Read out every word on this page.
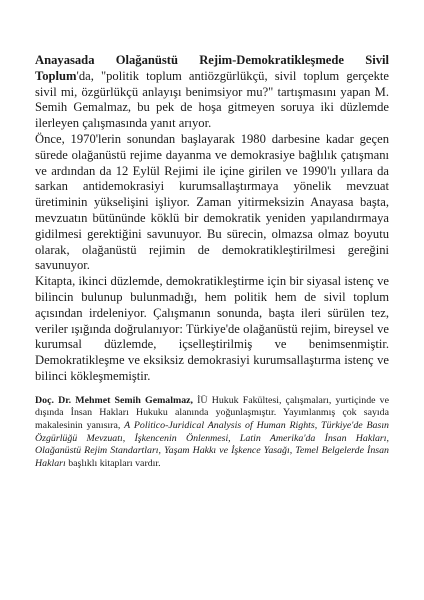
Anayasada Olağanüstü Rejim-Demokratikleşmede Sivil Toplum'da, "politik toplum antiözgürlükçü, sivil toplum gerçekte sivil mi, özgürlükçü anlayışı benimsiyor mu?" tartışmasını yapan M. Semih Gemalmaz, bu pek de hoşa gitmeyen soruya iki düzlemde ilerleyen çalışmasında yanıt arıyor.

Önce, 1970'lerin sonundan başlayarak 1980 darbesine kadar geçen sürede olağanüstü rejime dayanma ve demokrasiye bağlılık çatışmanı ve ardından da 12 Eylül Rejimi ile içine girilen ve 1990'lı yıllara da sarkan antidemokrasiyi kurumsallaştırmaya yönelik mevzuat üretiminin yükselişini işliyor. Zaman yitirmeksizin Anayasa başta, mevzuatın bütününde köklü bir demokratik yeniden yapılandırmaya gidilmesi gerektiğini savunuyor. Bu sürecin, olmazsa olmaz boyutu olarak, olağanüstü rejimin de demokratikleştirilmesi gereğini savunuyor.

Kitapta, ikinci düzlemde, demokratikleştirme için bir siyasal istenç ve bilincin bulunup bulunmadığı, hem politik hem de sivil toplum açısından irdeleniyor. Çalışmanın sonunda, başta ileri sürülen tez, veriler ışığında doğrulanıyor: Türkiye'de olağanüstü rejim, bireysel ve kurumsal düzlemde, içselleştirilmiş ve benimsenmiştir. Demokratikleşme ve eksiksiz demokrasiyi kurumsallaştırma istenç ve bilinci kökleşmemiştir.

Doç. Dr. Mehmet Semih Gemalmaz, İÜ Hukuk Fakültesi, çalışmaları, yurtiçinde ve dışında İnsan Hakları Hukuku alanında yoğunlaşmıştır. Yayımlanmış çok sayıda makalesinin yanısıra, A Politico-Juridical Analysis of Human Rights, Türkiye'de Basın Özgürlüğü Mevzuatı, İşkencenin Önlenmesi, Latin Amerika'da İnsan Hakları, Olağanüstü Rejim Standartları, Yaşam Hakkı ve İşkence Yasağı, Temel Belgelerde İnsan Hakları başlıklı kitapları vardır.
